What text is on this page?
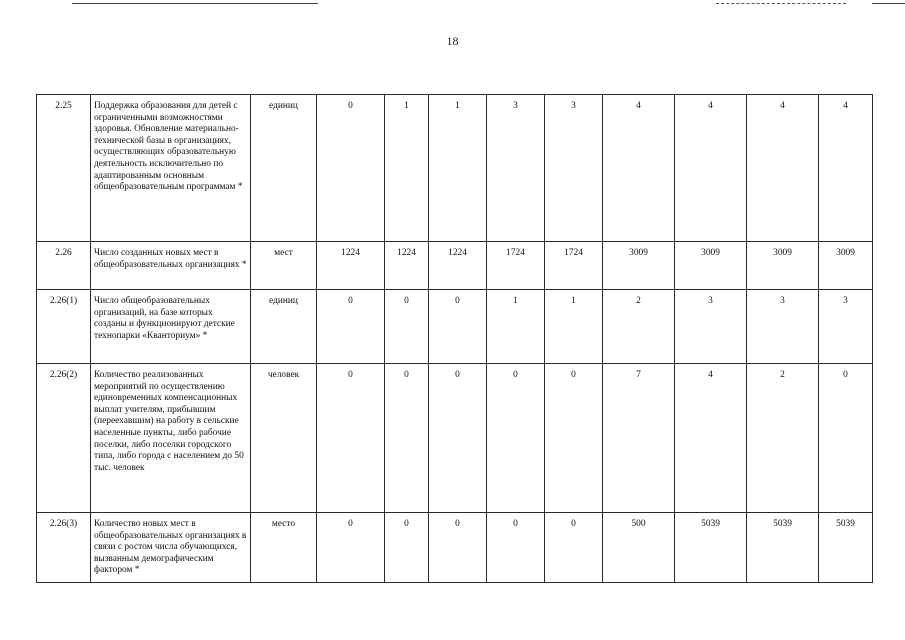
18
2.25	Поддержка образования для детей с ограниченными возможностями здоровья. Обновление материально-технической базы в организациях, осуществляющих образовательную деятельность исключительно по адаптированным основным общеобразовательным программам *	единиц	0	1	1	3	3	4	4	4	4
2.26	Число созданных новых мест в общеобразовательных организациях *	мест	1224	1224	1224	1724	1724	3009	3009	3009	3009
2.26(1)	Число общеобразовательных организаций, на базе которых созданы и функционируют детские технопарки «Кванториум» *	единиц	0	0	0	1	1	2	3	3	3
2.26(2)	Количество реализованных мероприятий по осуществлению единовременных компенсационных выплат учителям, прибывшим (переехавшим) на работу в сельские населенные пункты, либо рабочие поселки, либо поселки городского типа, либо города с населением до 50 тыс. человек	человек	0	0	0	0	0	7	4	2	0
2.26(3)	Количество новых мест в общеобразовательных организациях в связи с ростом числа обучающихся, вызванным демографическим фактором *	место	0	0	0	0	0	500	5039	5039	5039
